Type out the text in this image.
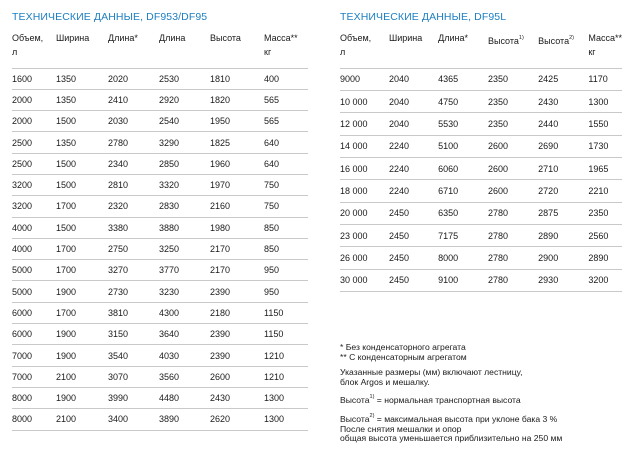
ТЕХНИЧЕСКИЕ ДАННЫЕ, DF953/DF95
Объем,
л	Ширина	Длина*	Длина	Высота	Масса**
кг
1600	1350	2020	2530	1810	400
2000	1350	2410	2920	1820	565
2000	1500	2030	2540	1950	565
2500	1350	2780	3290	1825	640
2500	1500	2340	2850	1960	640
3200	1500	2810	3320	1970	750
3200	1700	2320	2830	2160	750
4000	1500	3380	3880	1980	850
4000	1700	2750	3250	2170	850
5000	1700	3270	3770	2170	950
5000	1900	2730	3230	2390	950
6000	1700	3810	4300	2180	1150
6000	1900	3150	3640	2390	1150
7000	1900	3540	4030	2390	1210
7000	2100	3070	3560	2600	1210
8000	1900	3990	4480	2430	1300
8000	2100	3400	3890	2620	1300
ТЕХНИЧЕСКИЕ ДАННЫЕ, DF95L
Объем,
л	Ширина	Длина*	Высота$^{1)}$	Высота$^{2)}$	Масса**
кг
9000	2040	4365	2350	2425	1170
10 000	2040	4750	2350	2430	1300
12 000	2040	5530	2350	2440	1550
14 000	2240	5100	2600	2690	1730
16 000	2240	6060	2600	2710	1965
18 000	2240	6710	2600	2720	2210
20 000	2450	6350	2780	2875	2350
23 000	2450	7175	2780	2890	2560
26 000	2450	8000	2780	2900	2890
30 000	2450	9100	2780	2930	3200

* Без конденсаторного агрегата

** С конденсаторным агрегатом

Указанные размеры (мм) включают лестницу,

блок Argos и мешалку.

Высота$^{1)}$ = нормальная транспортная высота

Высота$^{2)}$ = максимальная высота при уклоне бака 3 %

После снятия мешалки и опор

общая высота уменьшается приблизительно на 250 мм
